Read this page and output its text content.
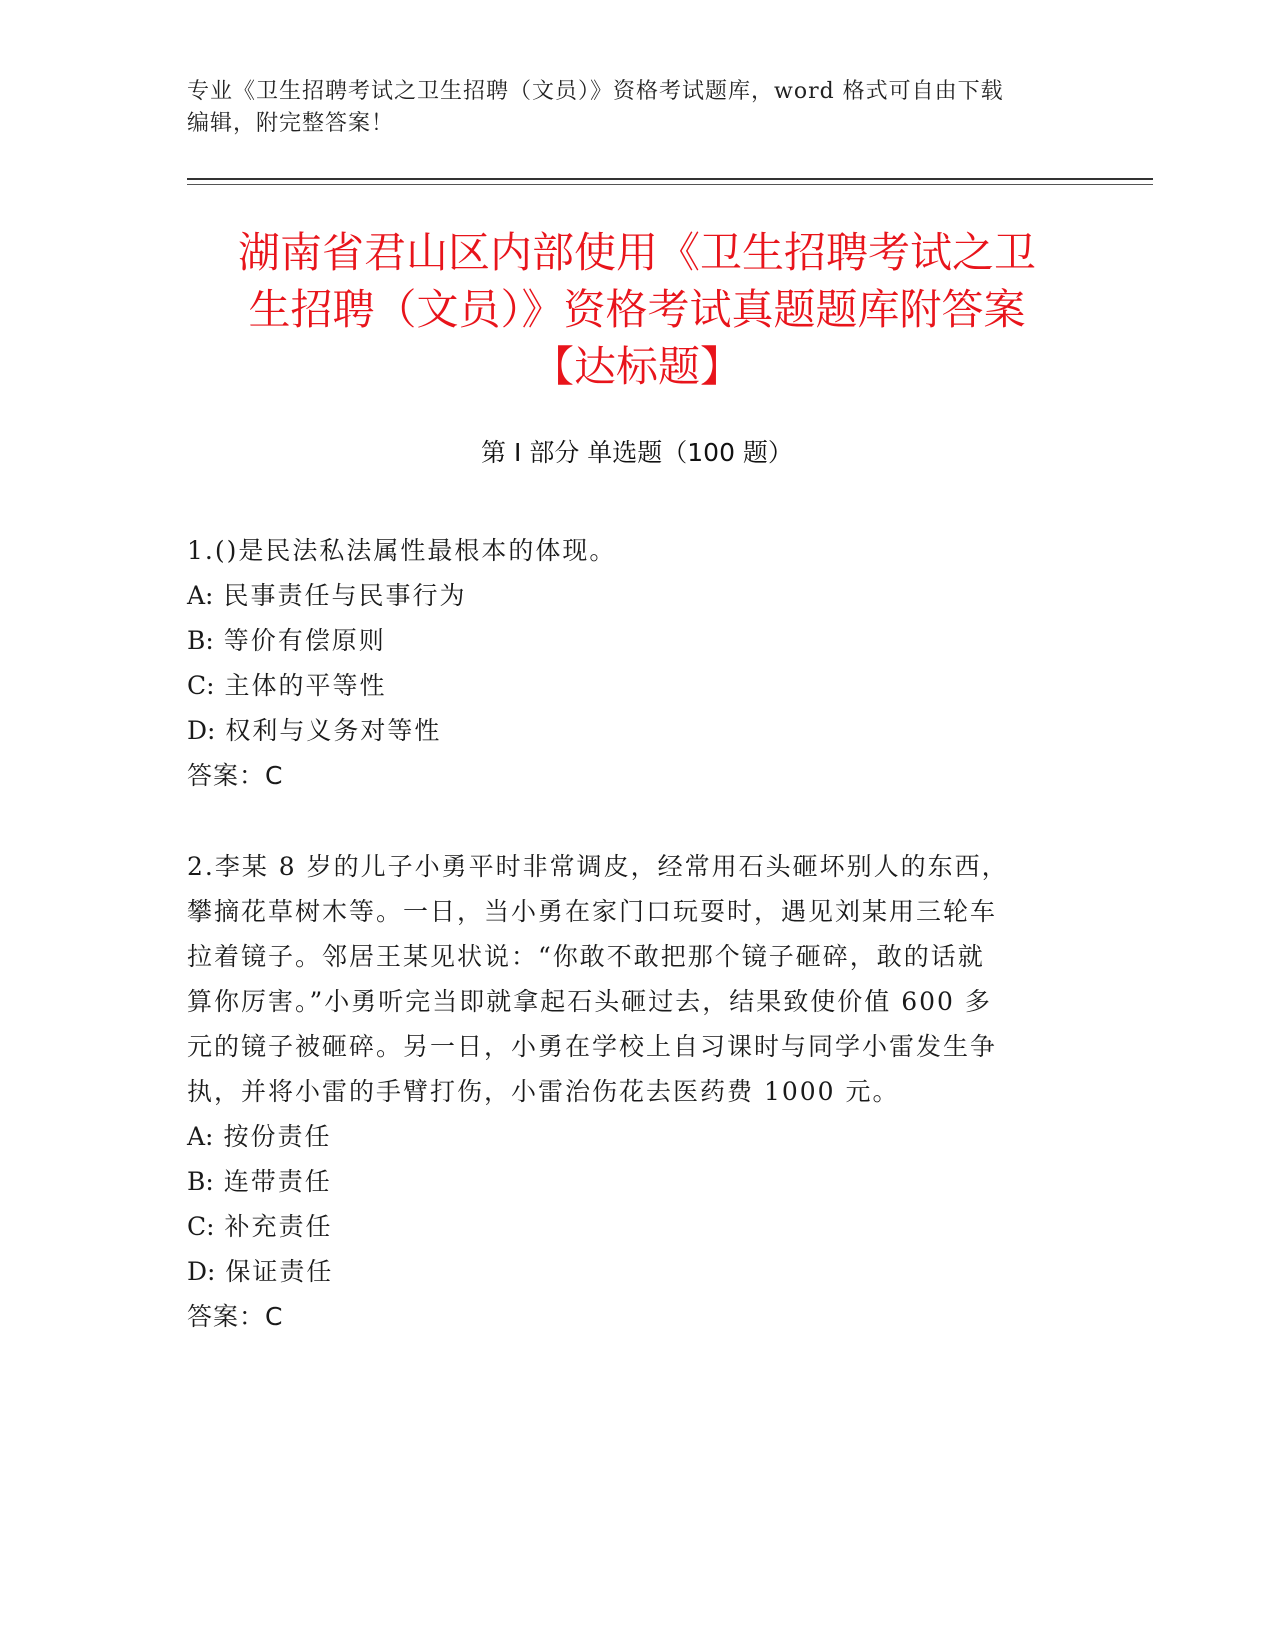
专业《卫生招聘考试之卫生招聘（文员）》资格考试题库，word 格式可自由下载
编辑，附完整答案！
湖南省君山区内部使用《卫生招聘考试之卫
生招聘（文员）》资格考试真题题库附答案
【达标题】
第 I 部分 单选题（100 题）

1.()是民法私法属性最根本的体现。

A: 民事责任与民事行为

B: 等价有偿原则

C: 主体的平等性

D: 权利与义务对等性

答案：C

2.李某 8 岁的儿子小勇平时非常调皮，经常用石头砸坏别人的东西，

攀摘花草树木等。一日，当小勇在家门口玩耍时，遇见刘某用三轮车

拉着镜子。邻居王某见状说：“你敢不敢把那个镜子砸碎，敢的话就

算你厉害。”小勇听完当即就拿起石头砸过去，结果致使价值 600 多

元的镜子被砸碎。另一日，小勇在学校上自习课时与同学小雷发生争

执，并将小雷的手臂打伤，小雷治伤花去医药费 1000 元。

A: 按份责任

B: 连带责任

C: 补充责任

D: 保证责任

答案：C
